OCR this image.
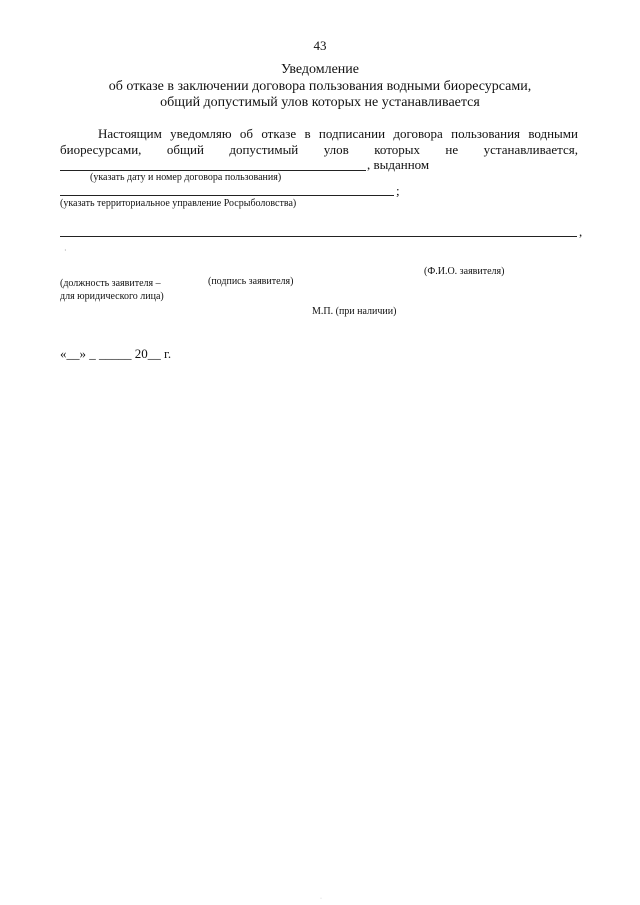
43
Уведомление
об отказе в заключении договора пользования водными биоресурсами,
общий допустимый улов которых не устанавливается
Настоящим уведомляю об отказе в подписании договора пользования водными
биоресурсами, общий допустимый улов которых не устанавливается,
, выданном
(указать дату и номер договора пользования)
;
(указать территориальное управление Росрыболовства)
,
·
(Ф.И.О. заявителя)
(должность заявителя –
для юридического лица)
(подпись заявителя)
М.П. (при наличии)
«__» _ _____ 20__ г.
·
